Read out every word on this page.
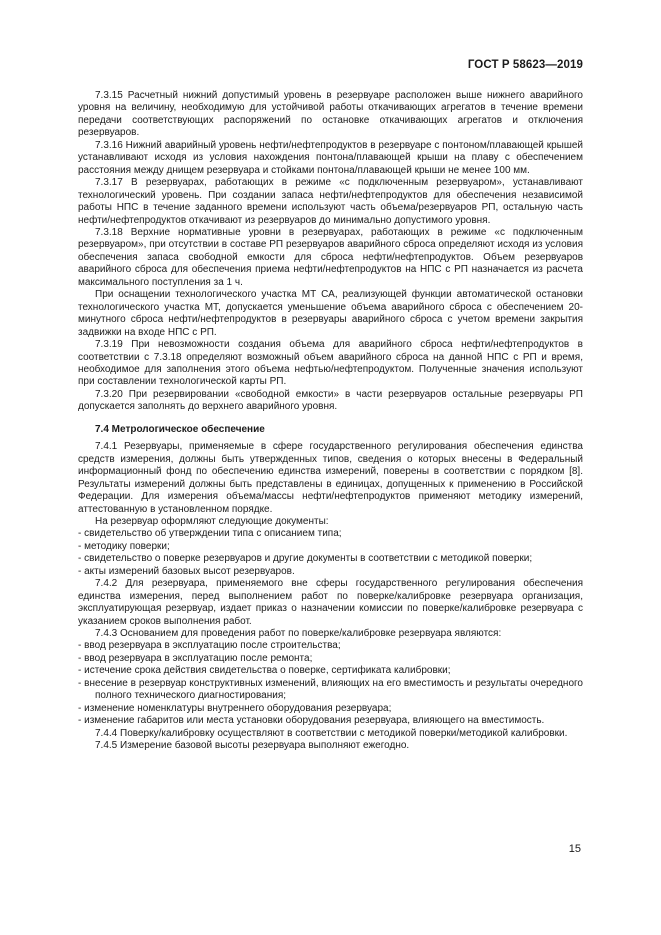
ГОСТ Р 58623—2019

7.3.15 Расчетный нижний допустимый уровень в резервуаре расположен выше нижнего аварийного уровня на величину, необходимую для устойчивой работы откачивающих агрегатов в течение времени передачи соответствующих распоряжений по остановке откачивающих агрегатов и отключения резервуаров.

7.3.16 Нижний аварийный уровень нефти/нефтепродуктов в резервуаре с понтоном/плавающей крышей устанавливают исходя из условия нахождения понтона/плавающей крыши на плаву с обеспечением расстояния между днищем резервуара и стойками понтона/плавающей крыши не менее 100 мм.

7.3.17 В резервуарах, работающих в режиме «с подключенным резервуаром», устанавливают технологический уровень. При создании запаса нефти/нефтепродуктов для обеспечения независимой работы НПС в течение заданного времени используют часть объема/резервуаров РП, остальную часть нефти/нефтепродуктов откачивают из резервуаров до минимально допустимого уровня.

7.3.18 Верхние нормативные уровни в резервуарах, работающих в режиме «с подключенным резервуаром», при отсутствии в составе РП резервуаров аварийного сброса определяют исходя из условия обеспечения запаса свободной емкости для сброса нефти/нефтепродуктов. Объем резервуаров аварийного сброса для обеспечения приема нефти/нефтепродуктов на НПС с РП назначается из расчета максимального поступления за 1 ч.

При оснащении технологического участка МТ СА, реализующей функции автоматической остановки технологического участка МТ, допускается уменьшение объема аварийного сброса с обеспечением 20-минутного сброса нефти/нефтепродуктов в резервуары аварийного сброса с учетом времени закрытия задвижки на входе НПС с РП.

7.3.19 При невозможности создания объема для аварийного сброса нефти/нефтепродуктов в соответствии с 7.3.18 определяют возможный объем аварийного сброса на данной НПС с РП и время, необходимое для заполнения этого объема нефтью/нефтепродуктом. Полученные значения используют при составлении технологической карты РП.

7.3.20 При резервировании «свободной емкости» в части резервуаров остальные резервуары РП допускается заполнять до верхнего аварийного уровня.

7.4 Метрологическое обеспечение

7.4.1 Резервуары, применяемые в сфере государственного регулирования обеспечения единства средств измерения, должны быть утвержденных типов, сведения о которых внесены в Федеральный информационный фонд по обеспечению единства измерений, поверены в соответствии с порядком [8]. Результаты измерений должны быть представлены в единицах, допущенных к применению в Российской Федерации. Для измерения объема/массы нефти/нефтепродуктов применяют методику измерений, аттестованную в установленном порядке.

На резервуар оформляют следующие документы:

- свидетельство об утверждении типа с описанием типа;
- методику поверки;
- свидетельство о поверке резервуаров и другие документы в соответствии с методикой поверки;
- акты измерений базовых высот резервуаров.

7.4.2 Для резервуара, применяемого вне сферы государственного регулирования обеспечения единства измерения, перед выполнением работ по поверке/калибровке резервуара организация, эксплуатирующая резервуар, издает приказ о назначении комиссии по поверке/калибровке резервуара с указанием сроков выполнения работ.

7.4.3 Основанием для проведения работ по поверке/калибровке резервуара являются:

- ввод резервуара в эксплуатацию после строительства;
- ввод резервуара в эксплуатацию после ремонта;
- истечение срока действия свидетельства о поверке, сертификата калибровки;
- внесение в резервуар конструктивных изменений, влияющих на его вместимость и результаты очередного полного технического диагностирования;
- изменение номенклатуры внутреннего оборудования резервуара;
- изменение габаритов или места установки оборудования резервуара, влияющего на вместимость.

7.4.4 Поверку/калибровку осуществляют в соответствии с методикой поверки/методикой калибровки.

7.4.5 Измерение базовой высоты резервуара выполняют ежегодно.

15
